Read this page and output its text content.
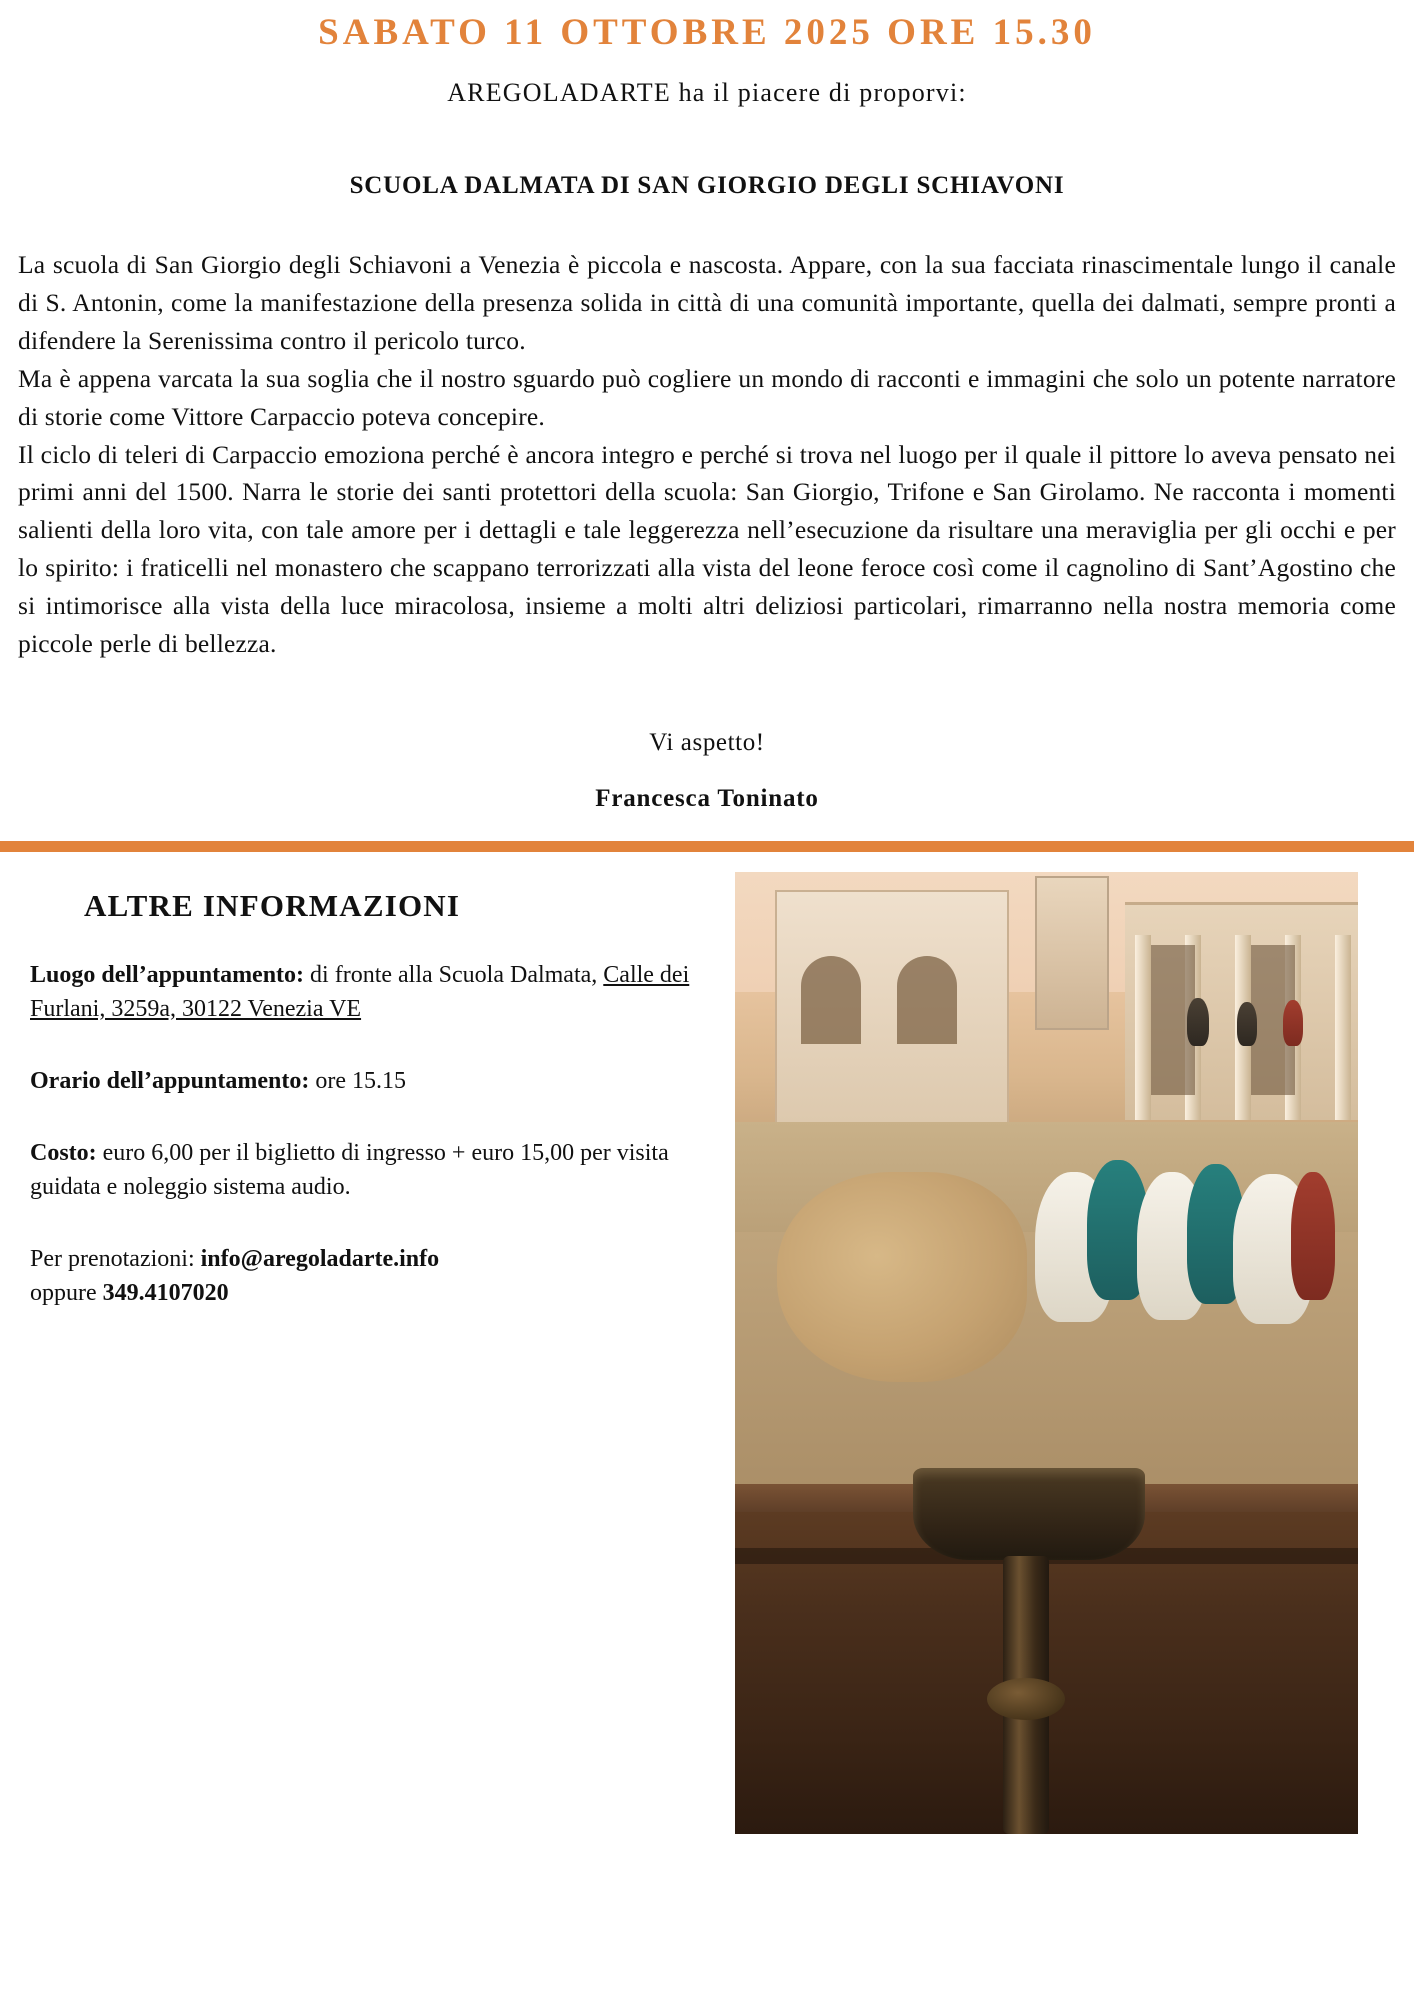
SABATO 11 OTTOBRE 2025 ORE 15.30
AREGOLADARTE ha il piacere di proporvi:
SCUOLA DALMATA DI SAN GIORGIO DEGLI SCHIAVONI

La scuola di San Giorgio degli Schiavoni a Venezia è piccola e nascosta. Appare, con la sua facciata rinascimentale lungo il canale di S. Antonin, come la manifestazione della presenza solida in città di una comunità importante, quella dei dalmati, sempre pronti a difendere la Serenissima contro il pericolo turco.

Ma è appena varcata la sua soglia che il nostro sguardo può cogliere un mondo di racconti e immagini che solo un potente narratore di storie come Vittore Carpaccio poteva concepire.

Il ciclo di teleri di Carpaccio emoziona perché è ancora integro e perché si trova nel luogo per il quale il pittore lo aveva pensato nei primi anni del 1500. Narra le storie dei santi protettori della scuola: San Giorgio, Trifone e San Girolamo. Ne racconta i momenti salienti della loro vita, con tale amore per i dettagli e tale leggerezza nell’esecuzione da risultare una meraviglia per gli occhi e per lo spirito: i fraticelli nel monastero che scappano terrorizzati alla vista del leone feroce così come il cagnolino di Sant’Agostino che si intimorisce alla vista della luce miracolosa, insieme a molti altri deliziosi particolari, rimarranno nella nostra memoria come piccole perle di bellezza.

Vi aspetto!
Francesca Toninato
ALTRE INFORMAZIONI
Luogo dell’appuntamento: di fronte alla Scuola Dalmata, Calle dei Furlani, 3259a, 30122 Venezia VE
Orario dell’appuntamento: ore 15.15
Costo: euro 6,00 per il biglietto di ingresso + euro 15,00 per visita guidata e noleggio sistema audio.
Per prenotazioni: info@aregoladarte.info
oppure 349.4107020
